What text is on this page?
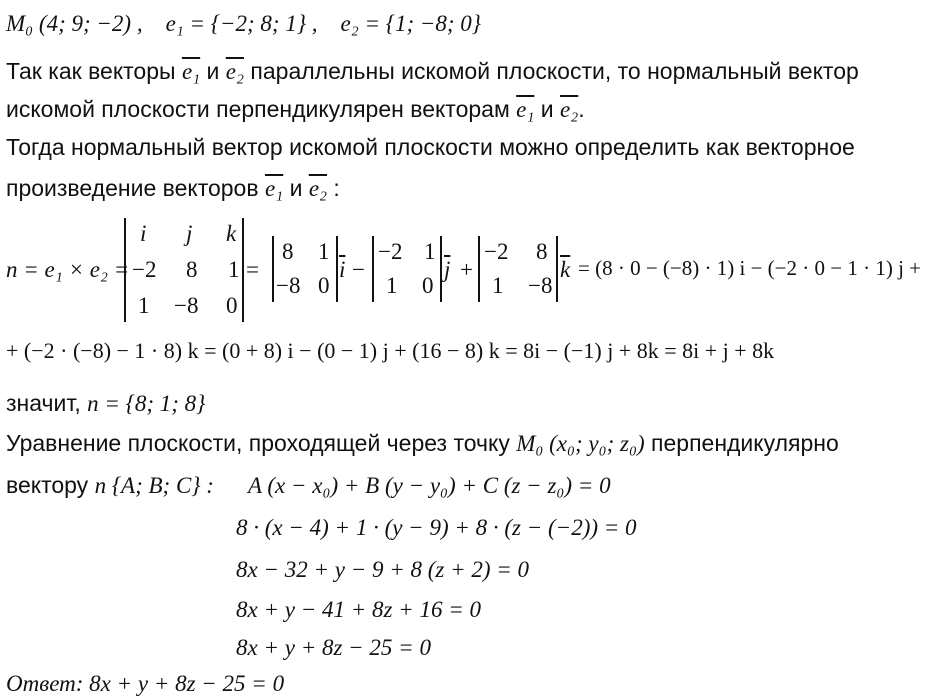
M₀ (4; 9; −2) , e₁ = {−2; 8; 1} , e₂ = {1; −8; 0}
Так как векторы e₁ и e₂ параллельны искомой плоскости, то нормальный вектор
искомой плоскости перпендикулярен векторам e₁ и e₂.
Тогда нормальный вектор искомой плоскости можно определить как векторное
произведение векторов e₁ и e₂ :
n = e₁ × e₂ =
i j k
−2 8 1
1 −8 0
=
8 1
−8 0
$\overline{i}$ −
−2 1
1 0
$\overline{j}$ +
−2 8
1 −8
$\overline{k} = (8 \cdot 0 - (-8) \cdot 1) i - (-2 \cdot 0 - 1 \cdot 1) j$ +
+ (−2 · (−8) − 1 · 8) k = (0 + 8) i − (0 − 1) j + (16 − 8) k = 8i − (−1) j + 8k = 8i + j + 8k
значит, n = {8; 1; 8}
Уравнение плоскости, проходящей через точку M₀ (x₀; y₀; z₀) перпендикулярно
вектору n {A; B; C} : A (x − x₀) + B (y − y₀) + C (z − z₀) = 0
8 · (x − 4) + 1 · (y − 9) + 8 · (z − (−2)) = 0
8x − 32 + y − 9 + 8 (z + 2) = 0
8x + y − 41 + 8z + 16 = 0
8x + y + 8z − 25 = 0
Ответ: 8x + y + 8z − 25 = 0
